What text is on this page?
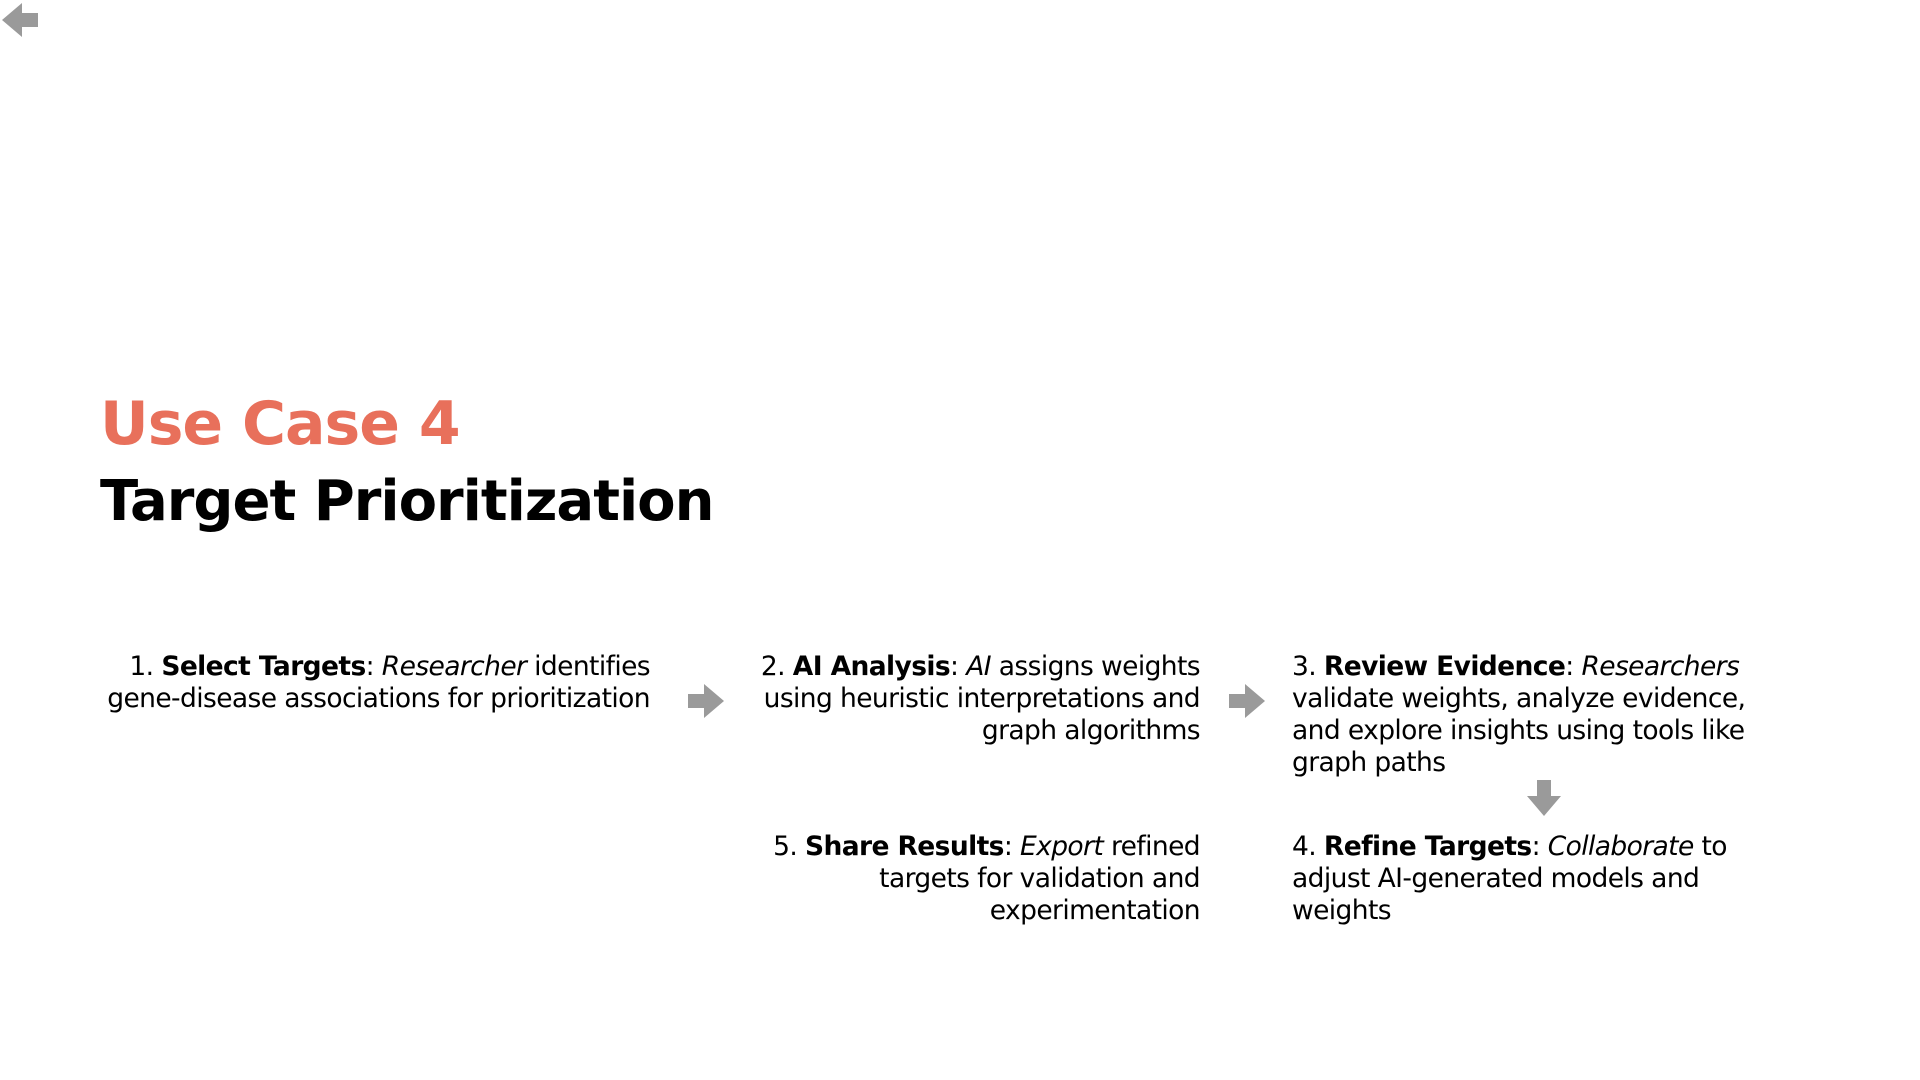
Use Case 4
Target Prioritization
1. Select Targets: Researcher identifies gene-disease associations for prioritization
2. AI Analysis: AI assigns weights using heuristic interpretations and graph algorithms
3. Review Evidence: Researchers validate weights, analyze evidence, and explore insights using tools like graph paths
4. Refine Targets: Collaborate to adjust AI-generated models and weights
5. Share Results: Export refined targets for validation and experimentation
